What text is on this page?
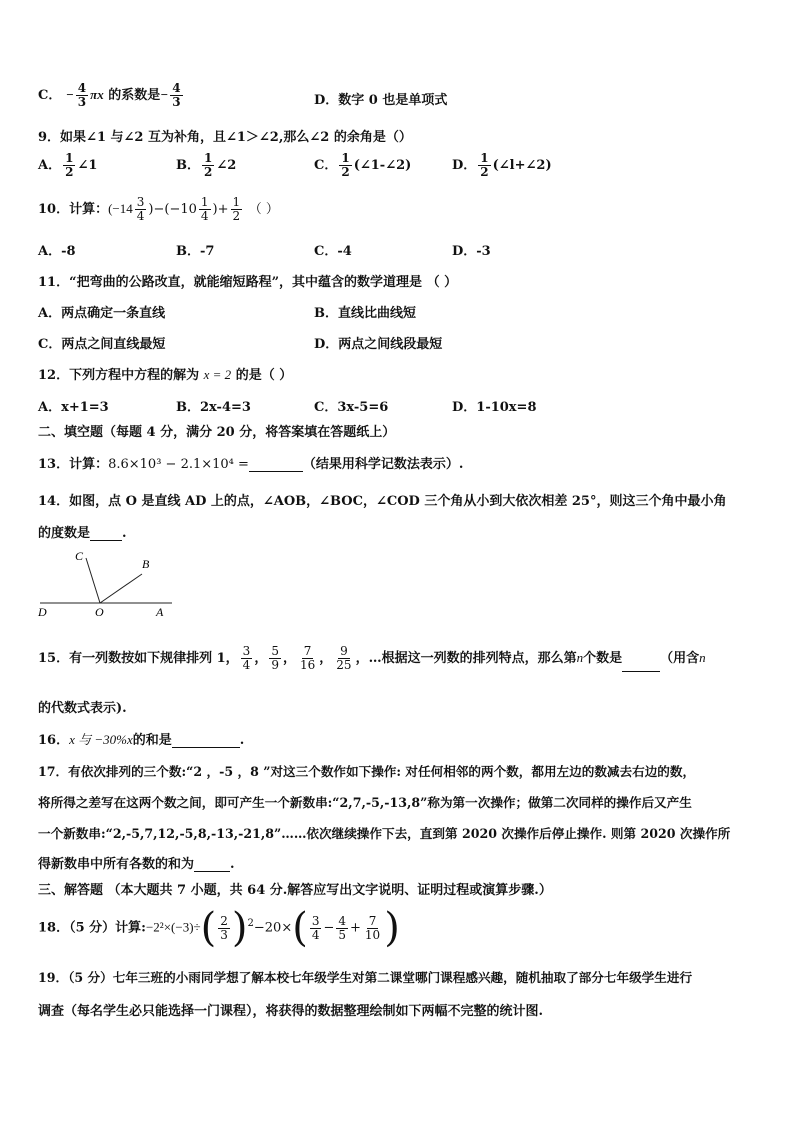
C． − $\frac{4}{3}$ πx 的系数是− $\frac{4}{3}$	D．数字 0 也是单项式
9．如果∠1 与∠2 互为补角，且∠1＞∠2,那么∠2 的余角是（）
A． $\frac{1}{2}$ ∠1	B． $\frac{1}{2}$ ∠2	C． $\frac{1}{2}$ (∠1-∠2)	D． $\frac{1}{2}$ (∠l+∠2)
10．计算：$(-14 \frac{3}{4} )-(-10 \frac{1}{4}$ )+ $\frac{1}{2}$ （ ）
A．-8	B．-7	C．-4	D．-3
11．“把弯曲的公路改直，就能缩短路程”，其中蕴含的数学道理是 （ ）
A．两点确定一条直线	B．直线比曲线短
C．两点之间直线最短	D．两点之间线段最短
12．下列方程中方程的解为 x = 2 的是（ ）
A．x+1=3	B．2x-4=3	C．3x-5=6	D．1-10x=8
二、填空题（每题 4 分，满分 20 分，将答案填在答题纸上）
13．计算：8.6×10³ − 2.1×10⁴ =	（结果用科学记数法表示）.
14．如图，点 O 是直线 AD 上的点，∠AOB，∠BOC，∠COD 三个角从小到大依次相差 25°，则这三个角中最小角
的度数是 .
C
B
D	O	A
15．有一列数按如下规律排列 1， $\frac{3}{4}$ ， $\frac{5}{9}$ ， $\frac{7}{16}$ ， $\frac{9}{25}$ ，…根据这一列数的排列特点，那么第n个数是	（用含n
的代数式表示).
16．x 与 −30%x的和是	.
17．有依次排列的三个数:“2 ，-5 ，8 ”对这三个数作如下操作: 对任何相邻的两个数，都用左边的数减去右边的数，
将所得之差写在这两个数之间，即可产生一个新数串:“2,7,-5,-13,8”称为第一次操作；做第二次同样的操作后又产生
一个新数串:“2,-5,7,12,-5,8,-13,-21,8”……依次继续操作下去，直到第 2020 次操作后停止操作. 则第 2020 次操作所
得新数串中所有各数的和为	.
三、解答题 （本大题共 7 小题，共 64 分.解答应写出文字说明、证明过程或演算步骤.）
18．（5 分）计算:−2²×(−3)÷( $\frac{2}{3} )^2-20\times( \frac{3}{4} - \frac{4}{5} + \frac{7}{10}$ )
19．（5 分）七年三班的小雨同学想了解本校七年级学生对第二课堂哪门课程感兴趣，随机抽取了部分七年级学生进行
调查（每名学生必只能选择一门课程），将获得的数据整理绘制如下两幅不完整的统计图.
